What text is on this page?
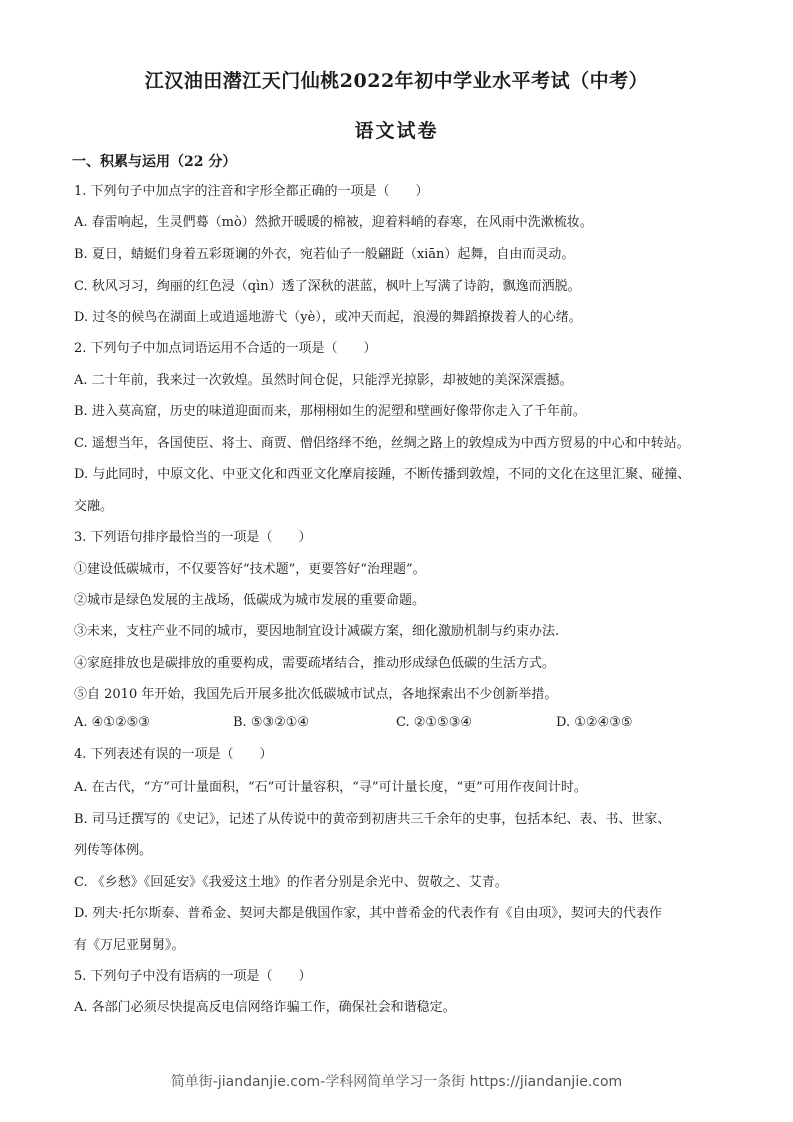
江汉油田潜江天门仙桃2022年初中学业水平考试（中考）
语文试卷
一、积累与运用（22 分）
1. 下列句子中加点字的注音和字形全都正确的一项是（　　）
A. 春雷响起，生灵們蓦（mò）然掀开暖暖的棉被，迎着料峭的春寒，在风雨中洗漱梳妆。
B. 夏日，蜻蜓们身着五彩斑谰的外衣，宛若仙子一般翩跹（xiān）起舞，自由而灵动。
C. 秋风习习，绚丽的红色浸（qìn）透了深秋的湛蓝，枫叶上写满了诗韵，飘逸而洒脱。
D. 过冬的候鸟在湖面上或逍遥地游弋（yè），或冲天而起，浪漫的舞蹈撩拨着人的心绪。
2. 下列句子中加点词语运用不合适的一项是（　　）
A. 二十年前，我来过一次敦煌。虽然时间仓促，只能浮光掠影，却被她的美深深震撼。
B. 进入莫高窟，历史的味道迎面而来，那栩栩如生的泥塑和壁画好像带你走入了千年前。
C. 遥想当年，各国使臣、将士、商贾、僧侣络绎不绝，丝绸之路上的敦煌成为中西方贸易的中心和中转站。
D. 与此同时，中原文化、中亚文化和西亚文化摩肩接踵，不断传播到敦煌，不同的文化在这里汇聚、碰撞、
交融。
3. 下列语句排序最恰当的一项是（　　）
①建设低碳城市，不仅要答好“技术题”，更要答好“治理题”。
②城市是绿色发展的主战场，低碳成为城市发展的重要命题。
③未来，支柱产业不同的城市，要因地制宜设计减碳方案，细化激励机制与约束办法.
④家庭排放也是碳排放的重要构成，需要疏堵结合，推动形成绿色低碳的生活方式。
⑤自 2010 年开始，我国先后开展多批次低碳城市试点，各地探索出不少创新举措。
A. ④①②⑤③	B. ⑤③②①④	C. ②①⑤③④	D. ①②④③⑤
4. 下列表述有误的一项是（　　）
A. 在古代，“方”可计量面积，“石”可计量容积，“寻”可计量长度，“更”可用作夜间计时。
B. 司马迁撰写的《史记》，记述了从传说中的黄帝到初唐共三千余年的史事，包括本纪、表、书、世家、
列传等体例。
C. 《乡愁》《回延安》《我爱这土地》的作者分别是余光中、贺敬之、艾青。
D. 列夫·托尔斯泰、普希金、契诃夫都是俄国作家，其中普希金的代表作有《自由项》，契诃夫的代表作
有《万尼亚舅舅》。
5. 下列句子中没有语病的一项是（　　）
A. 各部门必须尽快提高反电信网络诈骗工作，确保社会和谐稳定。
简单街-jiandanjie.com-学科网简单学习一条街 https://jiandanjie.com
